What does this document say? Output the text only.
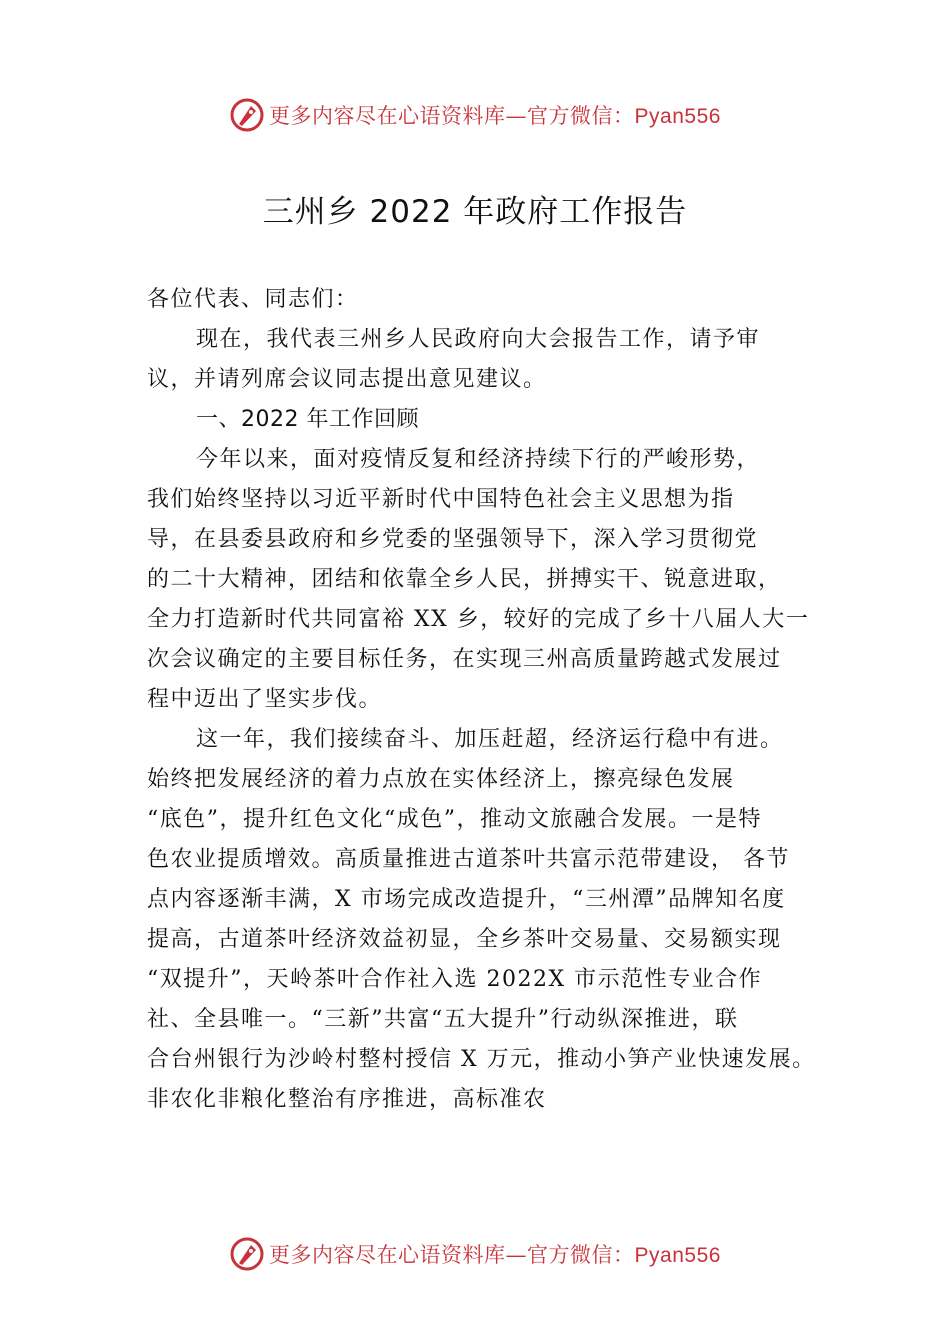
更多内容尽在心语资料库—官方微信：Pyan556
三州乡 2022 年政府工作报告
各位代表、同志们：
现在，我代表三州乡人民政府向大会报告工作，请予审
议，并请列席会议同志提出意见建议。
一、2022 年工作回顾
今年以来，面对疫情反复和经济持续下行的严峻形势，
我们始终坚持以习近平新时代中国特色社会主义思想为指
导，在县委县政府和乡党委的坚强领导下，深入学习贯彻党
的二十大精神，团结和依靠全乡人民，拼搏实干、锐意进取，
全力打造新时代共同富裕 XX 乡，较好的完成了乡十八届人大一
次会议确定的主要目标任务，在实现三州高质量跨越式发展过
程中迈出了坚实步伐。
这一年，我们接续奋斗、加压赶超，经济运行稳中有进。
始终把发展经济的着力点放在实体经济上，擦亮绿色发展
“底色”，提升红色文化“成色”，推动文旅融合发展。一是特
色农业提质增效。高质量推进古道茶叶共富示范带建设， 各节
点内容逐渐丰满，X 市场完成改造提升，“三州潭”品牌知名度
提高，古道茶叶经济效益初显，全乡茶叶交易量、交易额实现
“双提升”，天岭茶叶合作社入选 2022X 市示范性专业合作
社、全县唯一。“三新”共富“五大提升”行动纵深推进，联
合台州银行为沙岭村整村授信 X 万元，推动小笋产业快速发展。
非农化非粮化整治有序推进，高标准农
更多内容尽在心语资料库—官方微信：Pyan556
